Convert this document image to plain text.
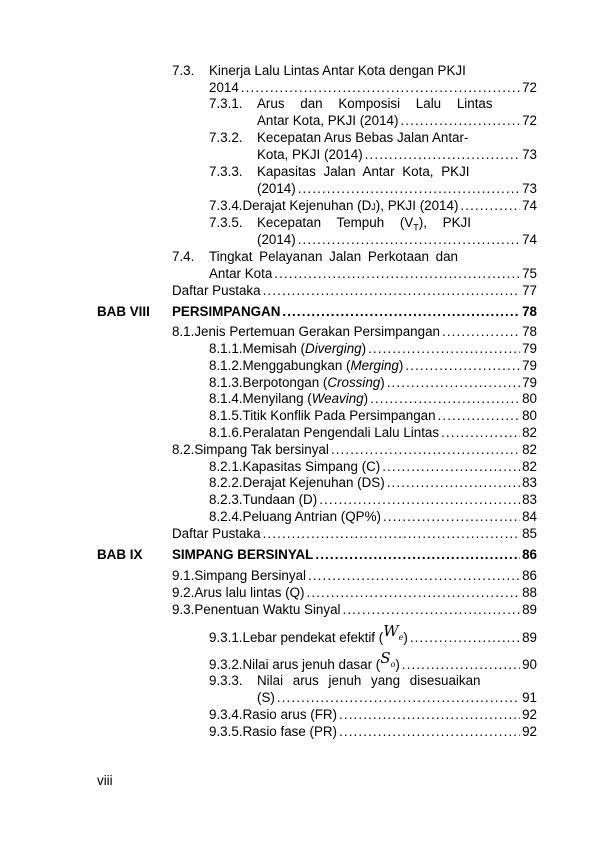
7.3. Kinerja Lalu Lintas Antar Kota dengan PKJI
2014 . . .	72
7.3.1. Arus dan Komposisi Lalu Lintas
Antar Kota, PKJI (2014) . . .	72
7.3.2. Kecepatan Arus Bebas Jalan Antar-
Kota, PKJI (2014) . . .	73
7.3.3. Kapasitas Jalan Antar Kota, PKJI
(2014) . . .	73
7.3.4. Derajat Kejenuhan (D J ), PKJI (2014) . . .	74
7.3.5. Kecepatan Tempuh $(V_T)$, PKJI
(2014) . . .	74
7.4. Tingkat Pelayanan Jalan Perkotaan dan
Antar Kota . . .	75
Daftar Pustaka . . .	77
BAB VIII PERSIMPANGAN . . .	78
8.1. Jenis Pertemuan Gerakan Persimpangan . . .	78
8.1.1. Memisah ( Diverging ) . . .	79
8.1.2. Menggabungkan ( Merging ) . . .	79
8.1.3. Berpotongan ( Crossing ) . . .	79
8.1.4. Menyilang ( Weaving ) . . .	80
8.1.5. Titik Konflik Pada Persimpangan . . .	80
8.1.6. Peralatan Pengendali Lalu Lintas . . .	82
8.2. Simpang Tak bersinyal . . .	82
8.2.1. Kapasitas Simpang (C) . . .	82
8.2.2. Derajat Kejenuhan (DS) . . .	83
8.2.3. Tundaan (D) . . .	83
8.2.4. Peluang Antrian (QP%) . . .	84
Daftar Pustaka . . .	85
BAB IX SIMPANG BERSINYAL . . .	86
9.1. Simpang Bersinyal . . .	86
9.2. Arus lalu lintas (Q) . . .	88
9.3. Penentuan Waktu Sinyal . . .	89
9.3.1. Lebar pendekat efektif ( $W_e$ ) . . .	89
9.3.2. Nilai arus jenuh dasar ( $S_o$ ) . . .	90
9.3.3. Nilai arus jenuh yang disesuaikan
(S) . . .	91
9.3.4. Rasio arus (FR) . . .	92
9.3.5. Rasio fase (PR) . . .	92
viii
